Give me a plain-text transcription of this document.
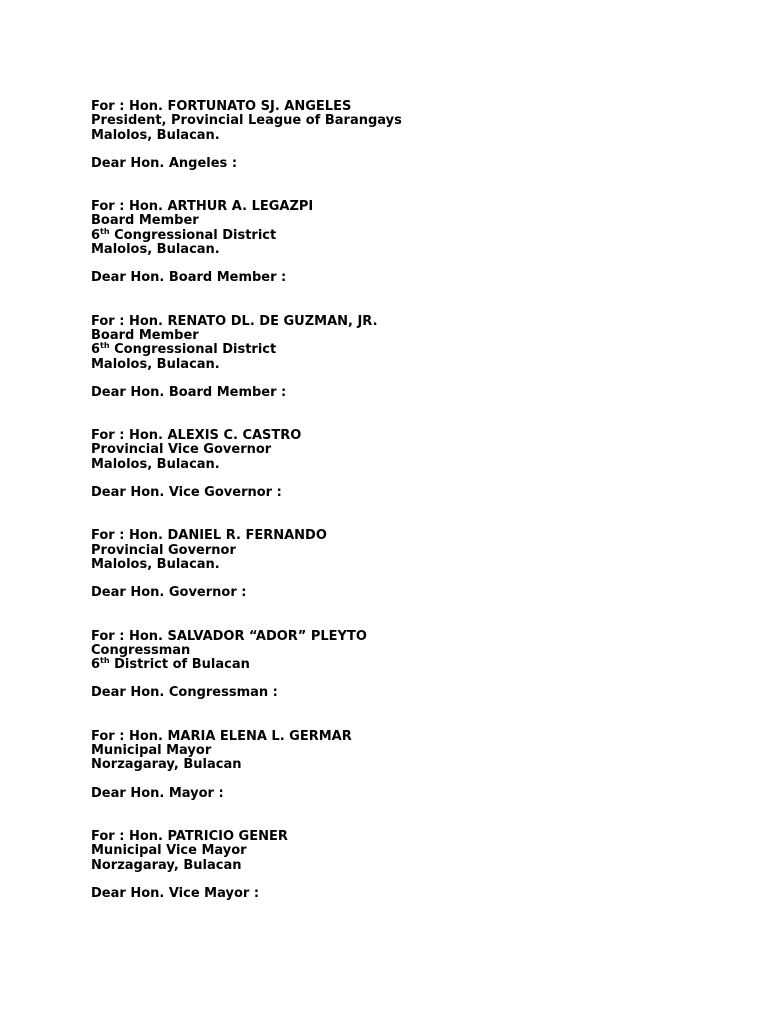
For : Hon. FORTUNATO SJ. ANGELES
President, Provincial League of Barangays
Malolos, Bulacan.
Dear Hon. Angeles :
For : Hon. ARTHUR A. LEGAZPI
Board Member
6th Congressional District
Malolos, Bulacan.
Dear Hon. Board Member :
For : Hon. RENATO DL. DE GUZMAN, JR.
Board Member
6th Congressional District
Malolos, Bulacan.
Dear Hon. Board Member :
For : Hon. ALEXIS C. CASTRO
Provincial Vice Governor
Malolos, Bulacan.
Dear Hon. Vice Governor :
For : Hon. DANIEL R. FERNANDO
Provincial Governor
Malolos, Bulacan.
Dear Hon. Governor :
For : Hon. SALVADOR “ADOR” PLEYTO
Congressman
6th District of Bulacan
Dear Hon. Congressman :
For : Hon. MARIA ELENA L. GERMAR
Municipal Mayor
Norzagaray, Bulacan
Dear Hon. Mayor :
For : Hon. PATRICIO GENER
Municipal Vice Mayor
Norzagaray, Bulacan
Dear Hon. Vice Mayor :
